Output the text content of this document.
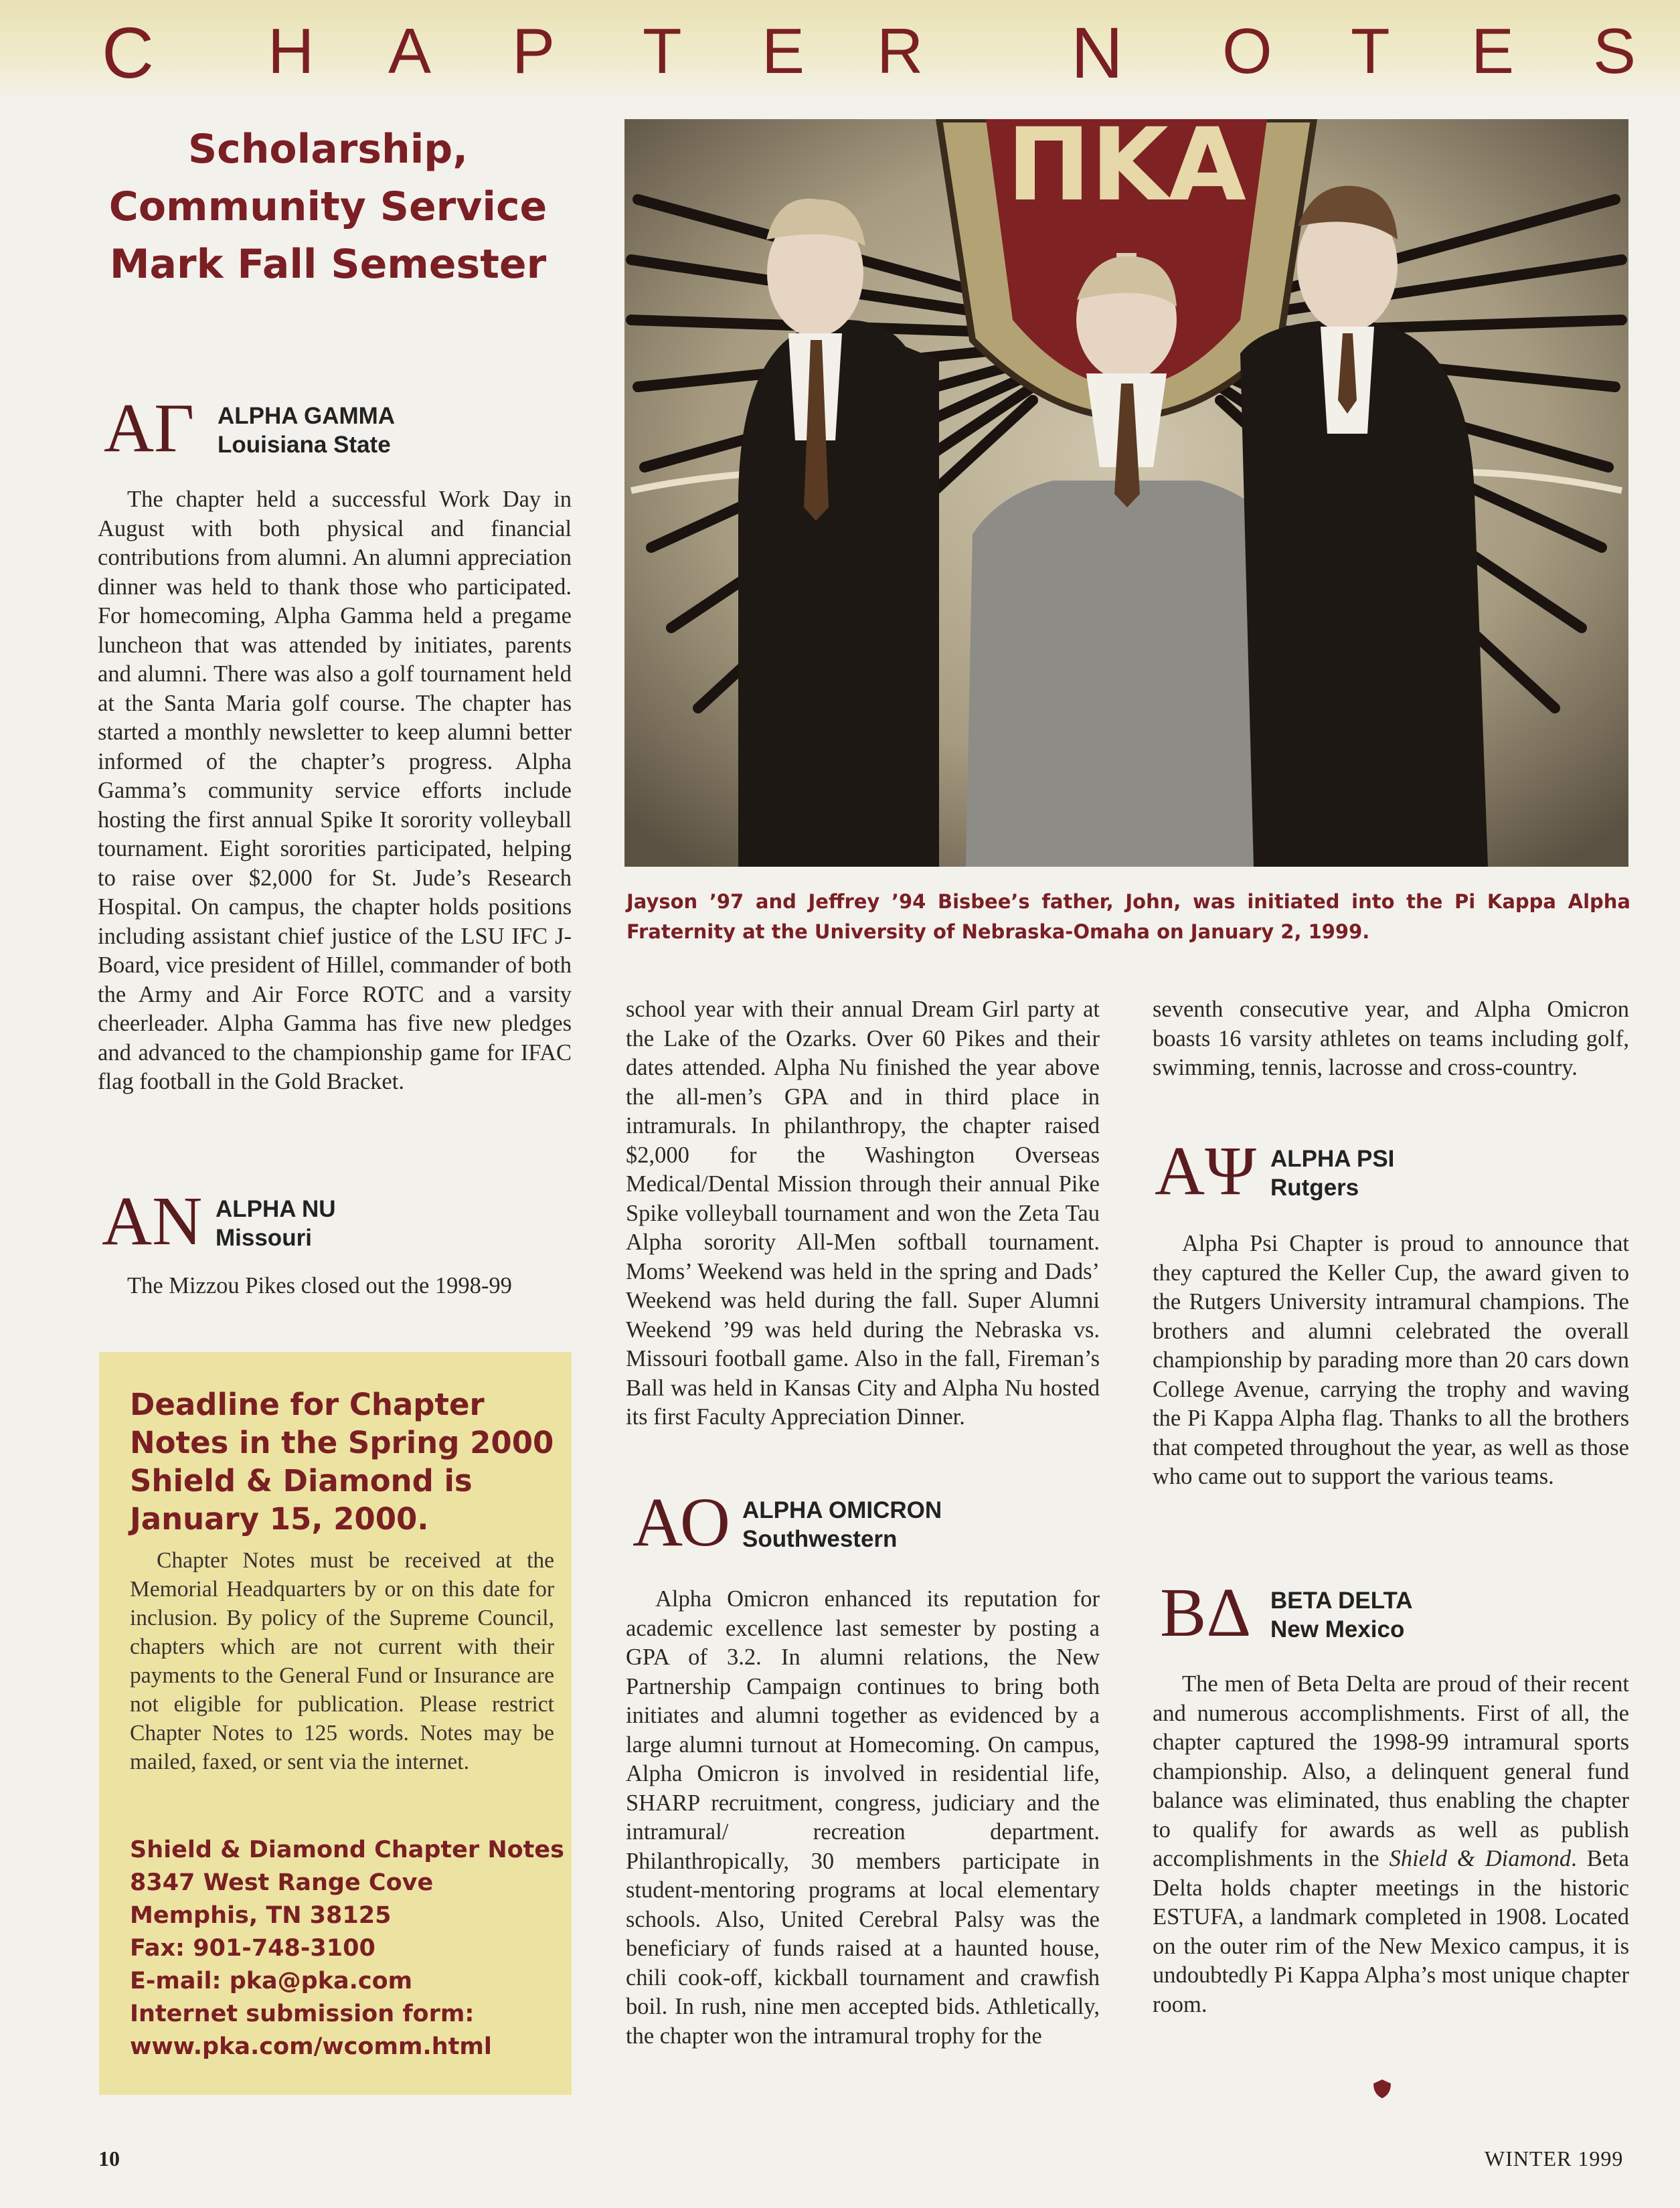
C H A P T E R N O T E S
Scholarship,
Community Service
Mark Fall Semester
ΑΓ ALPHA GAMMA
Louisiana State

The chapter held a successful Work Day in August with both physical and financial contributions from alumni. An alumni appreciation dinner was held to thank those who participated. For homecoming, Alpha Gamma held a pregame luncheon that was attended by initiates, parents and alumni. There was also a golf tournament held at the Santa Maria golf course. The chapter has started a monthly newsletter to keep alumni better informed of the chapter’s progress. Alpha Gamma’s community service efforts include hosting the first annual Spike It sorority volleyball tournament. Eight sororities participated, helping to raise over $2,000 for St. Jude’s Research Hospital. On campus, the chapter holds positions including assistant chief justice of the LSU IFC J-Board, vice president of Hillel, commander of both the Army and Air Force ROTC and a varsity cheerleader. Alpha Gamma has five new pledges and advanced to the championship game for IFAC flag football in the Gold Bracket.

ΑΝ ALPHA NU
Missouri

The Mizzou Pikes closed out the 1998-99

Deadline for Chapter Notes in the Spring 2000 Shield & Diamond is January 15, 2000.

Chapter Notes must be received at the Memorial Headquarters by or on this date for inclusion. By policy of the Supreme Council, chapters which are not current with their payments to the General Fund or Insurance are not eligible for publication. Please restrict Chapter Notes to 125 words. Notes may be mailed, faxed, or sent via the internet.

Shield & Diamond Chapter Notes
8347 West Range Cove
Memphis, TN 38125
Fax: 901-748-3100
E-mail: pka@pka.com
Internet submission form:
www.pka.com/wcomm.html
ΠΚΑ
Jayson ’97 and Jeffrey ’94 Bisbee’s father, John, was initiated into the Pi Kappa Alpha Fraternity at the University of Nebraska-Omaha on January 2, 1999.

school year with their annual Dream Girl party at the Lake of the Ozarks. Over 60 Pikes and their dates attended. Alpha Nu finished the year above the all-men’s GPA and in third place in intramurals. In philanthropy, the chapter raised $2,000 for the Washington Overseas Medical/Dental Mission through their annual Pike Spike volleyball tournament and won the Zeta Tau Alpha sorority All-Men softball tournament. Moms’ Weekend was held in the spring and Dads’ Weekend was held during the fall. Super Alumni Weekend ’99 was held during the Nebraska vs. Missouri football game. Also in the fall, Fireman’s Ball was held in Kansas City and Alpha Nu hosted its first Faculty Appreciation Dinner.

ΑΟ ALPHA OMICRON
Southwestern

Alpha Omicron enhanced its reputation for academic excellence last semester by posting a GPA of 3.2. In alumni relations, the New Partnership Campaign continues to bring both initiates and alumni together as evidenced by a large alumni turnout at Homecoming. On campus, Alpha Omicron is involved in residential life, SHARP recruitment, congress, judiciary and the intramural/ recreation department. Philanthropically, 30 members participate in student-mentoring programs at local elementary schools. Also, United Cerebral Palsy was the beneficiary of funds raised at a haunted house, chili cook-off, kickball tournament and crawfish boil. In rush, nine men accepted bids. Athletically, the chapter won the intramural trophy for the

seventh consecutive year, and Alpha Omicron boasts 16 varsity athletes on teams including golf, swimming, tennis, lacrosse and cross-country.

ΑΨ ALPHA PSI
Rutgers

Alpha Psi Chapter is proud to announce that they captured the Keller Cup, the award given to the Rutgers University intramural champions. The brothers and alumni celebrated the overall championship by parading more than 20 cars down College Avenue, carrying the trophy and waving the Pi Kappa Alpha flag. Thanks to all the brothers that competed throughout the year, as well as those who came out to support the various teams.

ΒΔ BETA DELTA
New Mexico

The men of Beta Delta are proud of their recent and numerous accomplishments. First of all, the chapter captured the 1998-99 intramural sports championship. Also, a delinquent general fund balance was eliminated, thus enabling the chapter to qualify for awards as well as publish accomplishments in the Shield & Diamond. Beta Delta holds chapter meetings in the historic ESTUFA, a landmark completed in 1908. Located on the outer rim of the New Mexico campus, it is undoubtedly Pi Kappa Alpha’s most unique chapter room.

10	WINTER 1999
